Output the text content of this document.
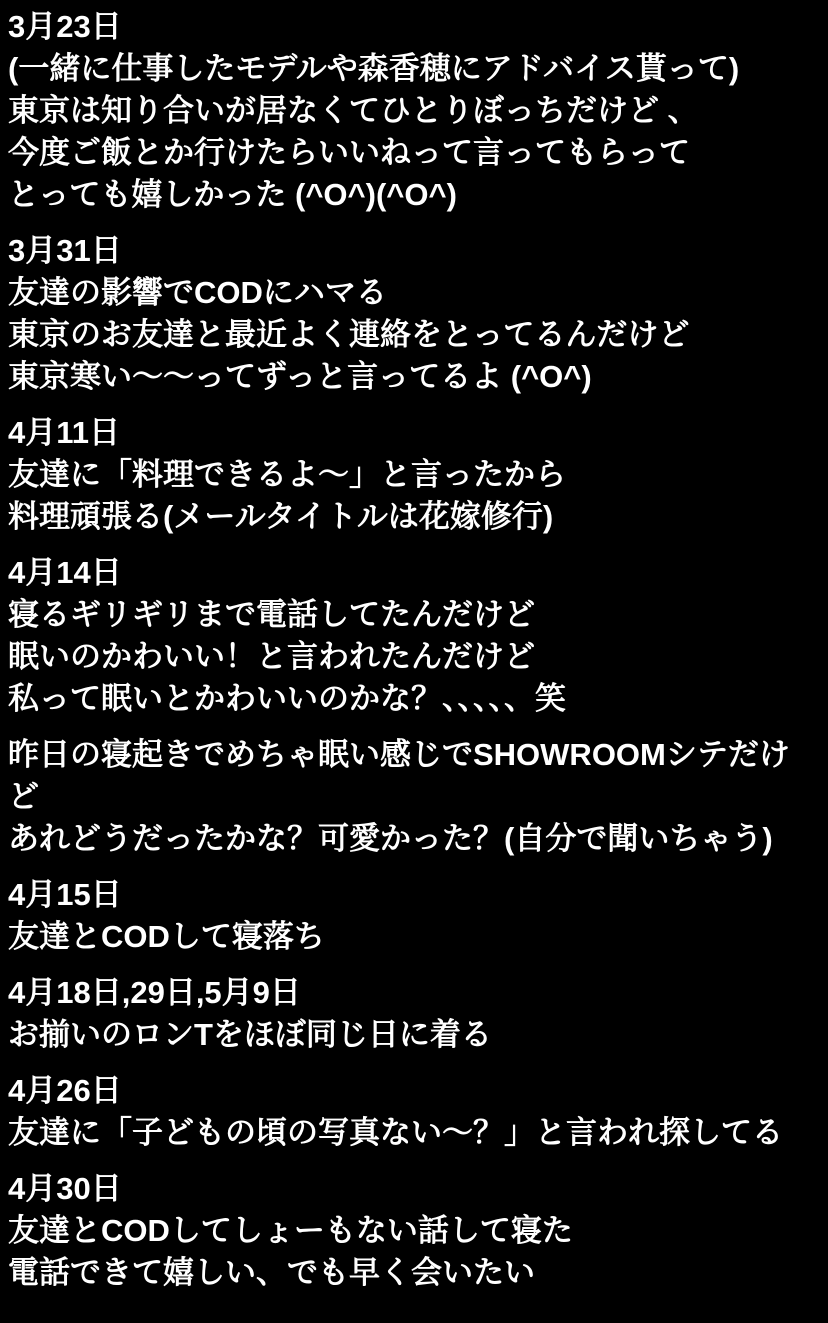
3月23日
(一緒に仕事したモデルや森香穂にアドバイス貰って)
東京は知り合いが居なくてひとりぼっちだけど 、
今度ご飯とか行けたらいいねって言ってもらって
とっても嬉しかった (^O^)(^O^)
3月31日
友達の影響でCODにハマる
東京のお友達と最近よく連絡をとってるんだけど
東京寒い〜〜ってずっと言ってるよ (^O^)
4月11日
友達に「料理できるよ〜」と言ったから
料理頑張る(メールタイトルは花嫁修行)
4月14日
寝るギリギリまで電話してたんだけど
眠いのかわいい！と言われたんだけど
私って眠いとかわいいのかな？、、、、、笑
昨日の寝起きでめちゃ眠い感じでSHOWROOMシテだけど
あれどうだったかな？可愛かった？(自分で聞いちゃう)
4月15日
友達とCODして寝落ち
4月18日,29日,5月9日
お揃いのロンTをほぼ同じ日に着る
4月26日
友達に「子どもの頃の写真ない〜？」と言われ探してる
4月30日
友達とCODしてしょーもない話して寝た
電話できて嬉しい、でも早く会いたい
